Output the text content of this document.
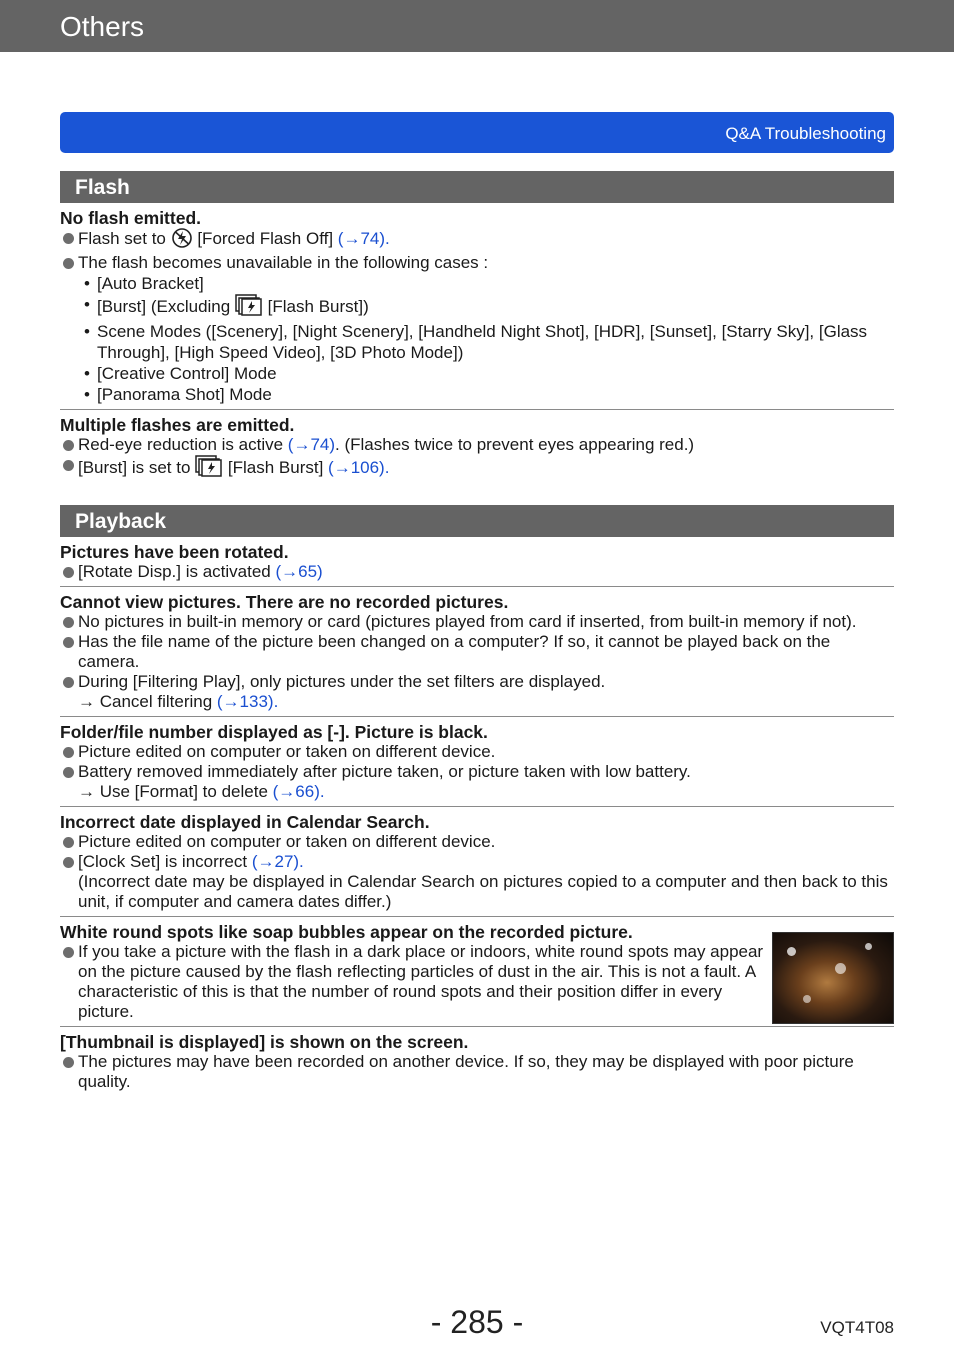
Others
Q&A Troubleshooting
Flash
No flash emitted.
Flash set to  [Forced Flash Off] (→74).
The flash becomes unavailable in the following cases :
• [Auto Bracket]
• [Burst] (Excluding  [Flash Burst])
• Scene Modes ([Scenery], [Night Scenery], [Handheld Night Shot], [HDR], [Sunset], [Starry Sky], [Glass Through], [High Speed Video], [3D Photo Mode])
• [Creative Control] Mode
• [Panorama Shot] Mode
Multiple flashes are emitted.
Red-eye reduction is active (→74). (Flashes twice to prevent eyes appearing red.)
[Burst] is set to  [Flash Burst] (→106).
Playback
Pictures have been rotated.
[Rotate Disp.] is activated (→65)
Cannot view pictures. There are no recorded pictures.
No pictures in built-in memory or card (pictures played from card if inserted, from built-in memory if not).
Has the file name of the picture been changed on a computer? If so, it cannot be played back on the camera.
During [Filtering Play], only pictures under the set filters are displayed.
→ Cancel filtering (→133).
Folder/file number displayed as [-]. Picture is black.
Picture edited on computer or taken on different device.
Battery removed immediately after picture taken, or picture taken with low battery.
→ Use [Format] to delete (→66).
Incorrect date displayed in Calendar Search.
Picture edited on computer or taken on different device.
[Clock Set] is incorrect (→27).
(Incorrect date may be displayed in Calendar Search on pictures copied to a computer and then back to this unit, if computer and camera dates differ.)
White round spots like soap bubbles appear on the recorded picture.
If you take a picture with the flash in a dark place or indoors, white round spots may appear on the picture caused by the flash reflecting particles of dust in the air. This is not a fault. A characteristic of this is that the number of round spots and their position differ in every picture.
[Thumbnail is displayed] is shown on the screen.
The pictures may have been recorded on another device. If so, they may be displayed with poor picture quality.
- 285 -	VQT4T08
